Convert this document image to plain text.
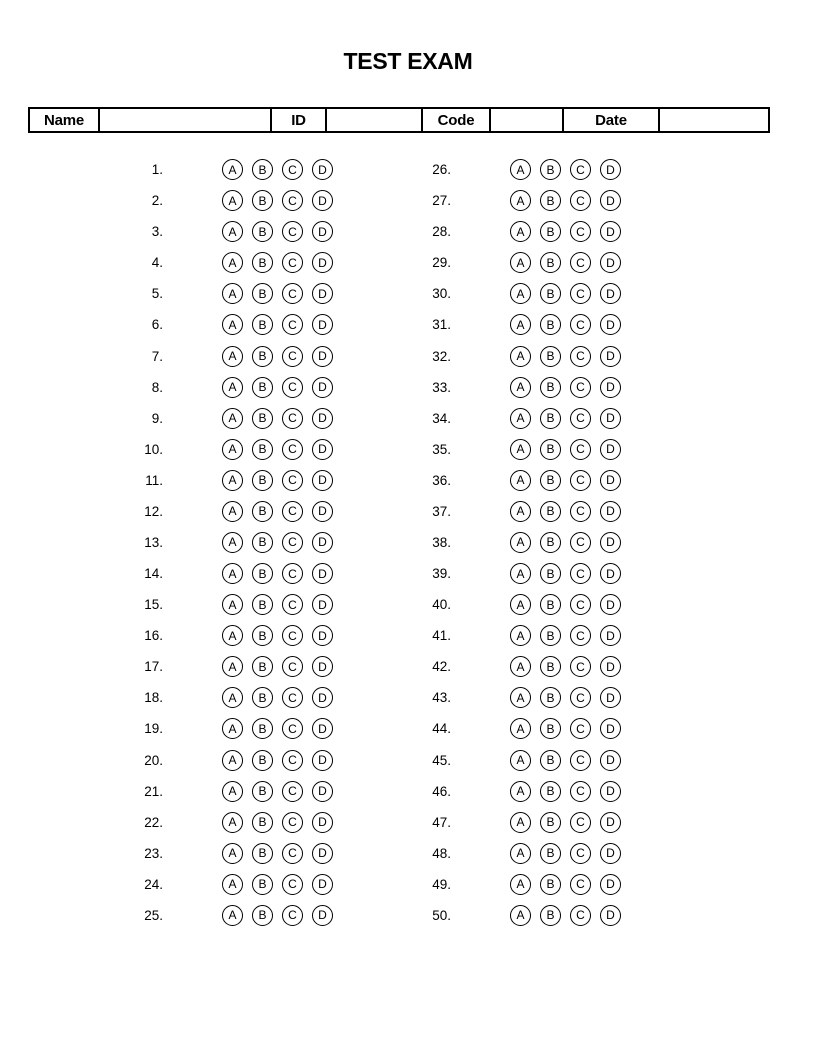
TEST EXAM
Name	ID	Code	Date
1.	A	B	C	D
2.	A	B	C	D
3.	A	B	C	D
4.	A	B	C	D
5.	A	B	C	D
6.	A	B	C	D
7.	A	B	C	D
8.	A	B	C	D
9.	A	B	C	D
10.	A	B	C	D
11.	A	B	C	D
12.	A	B	C	D
13.	A	B	C	D
14.	A	B	C	D
15.	A	B	C	D
16.	A	B	C	D
17.	A	B	C	D
18.	A	B	C	D
19.	A	B	C	D
20.	A	B	C	D
21.	A	B	C	D
22.	A	B	C	D
23.	A	B	C	D
24.	A	B	C	D
25.	A	B	C	D
26.	A	B	C	D
27.	A	B	C	D
28.	A	B	C	D
29.	A	B	C	D
30.	A	B	C	D
31.	A	B	C	D
32.	A	B	C	D
33.	A	B	C	D
34.	A	B	C	D
35.	A	B	C	D
36.	A	B	C	D
37.	A	B	C	D
38.	A	B	C	D
39.	A	B	C	D
40.	A	B	C	D
41.	A	B	C	D
42.	A	B	C	D
43.	A	B	C	D
44.	A	B	C	D
45.	A	B	C	D
46.	A	B	C	D
47.	A	B	C	D
48.	A	B	C	D
49.	A	B	C	D
50.	A	B	C	D
